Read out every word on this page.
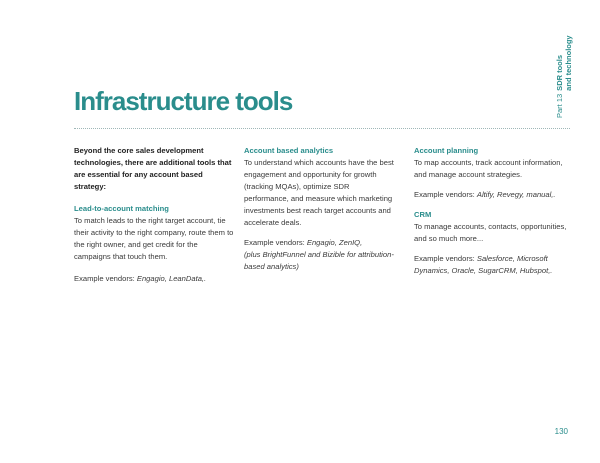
Infrastructure tools	Part 13
SDR tools and technology

Beyond the core sales development technologies, there are additional tools that are essential for any account based strategy:

Lead-to-account matching

To match leads to the right target account, tie their activity to the right company, route them to the right owner, and get credit for the campaigns that touch them.

Example vendors: Engagio, LeanData,.

Account based analytics

To understand which accounts have the best engagement and opportunity for growth (tracking MQAs), optimize SDR performance, and measure which marketing investments best reach target accounts and accelerate deals.

Example vendors: Engagio, ZenIQ,

(plus BrightFunnel and Bizible for attribution-based analytics)

Account planning

To map accounts, track account information, and manage account strategies.

Example vendors: Altify, Revegy, manual,.

CRM

To manage accounts, contacts, opportunities, and so much more...

Example vendors: Salesforce, Microsoft Dynamics, Oracle, SugarCRM, Hubspot,.

130
